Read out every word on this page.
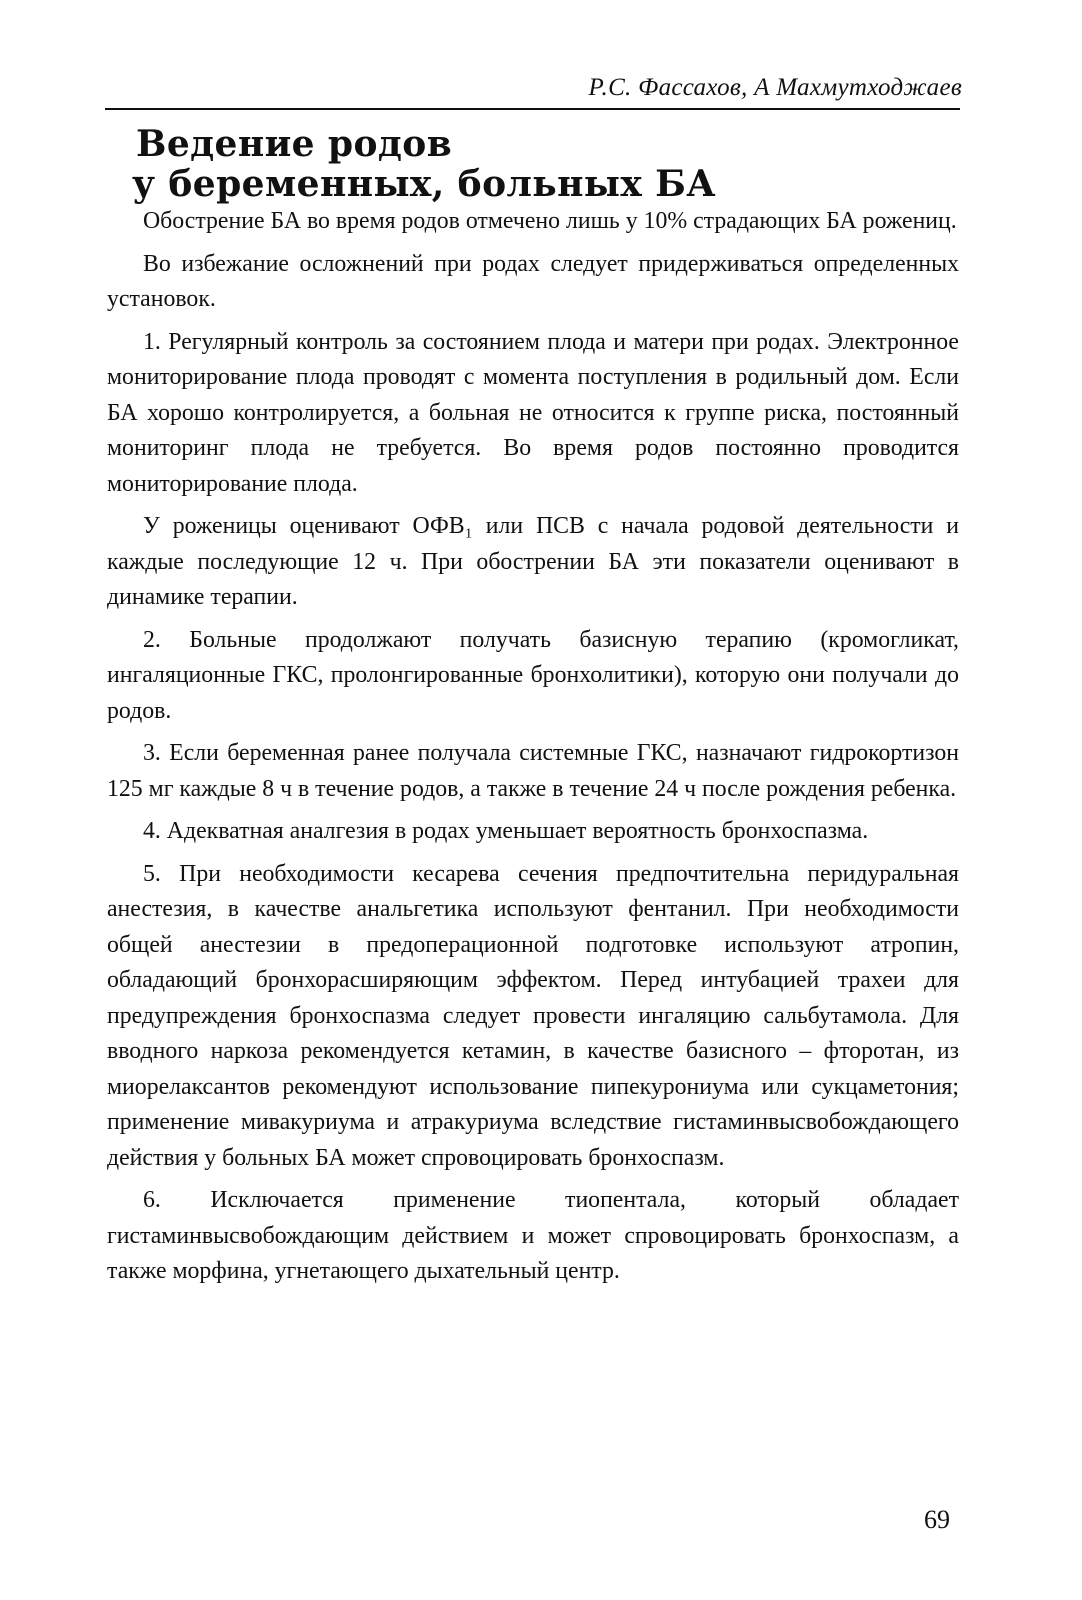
Р.С. Фассахов, А Махмутходжаев
Ведение родов
у беременных, больных БА

Обострение БА во время родов отмечено лишь у 10% страдающих БА рожениц.

Во избежание осложнений при родах следует придерживаться определенных установок.

1. Регулярный контроль за состоянием плода и матери при родах. Электронное мониторирование плода проводят с момента поступления в родильный дом. Если БА хорошо контролируется, а больная не относится к группе риска, постоянный мониторинг плода не требуется. Во время родов постоянно проводится мониторирование плода.

У роженицы оценивают ОФВ₁ или ПСВ с начала родовой деятельности и каждые последующие 12 ч. При обострении БА эти показатели оценивают в динамике терапии.

2. Больные продолжают получать базисную терапию (кромогликат, ингаляционные ГКС, пролонгированные бронхолитики), которую они получали до родов.

3. Если беременная ранее получала системные ГКС, назначают гидрокортизон 125 мг каждые 8 ч в течение родов, а также в течение 24 ч после рождения ребенка.

4. Адекватная аналгезия в родах уменьшает вероятность бронхоспазма.

5. При необходимости кесарева сечения предпочтительна перидуральная анестезия, в качестве анальгетика используют фентанил. При необходимости общей анестезии в предоперационной подготовке используют атропин, обладающий бронхорасширяющим эффектом. Перед интубацией трахеи для предупреждения бронхоспазма следует провести ингаляцию сальбутамола. Для вводного наркоза рекомендуется кетамин, в качестве базисного – фторотан, из миорелаксантов рекомендуют использование пипекурониума или сукцаметония; применение мивакуриума и атракуриума вследствие гистаминвысвобождающего действия у больных БА может спровоцировать бронхоспазм.

6. Исключается применение тиопентала, который обладает гистаминвысвобождающим действием и может спровоцировать бронхоспазм, а также морфина, угнетающего дыхательный центр.

69
